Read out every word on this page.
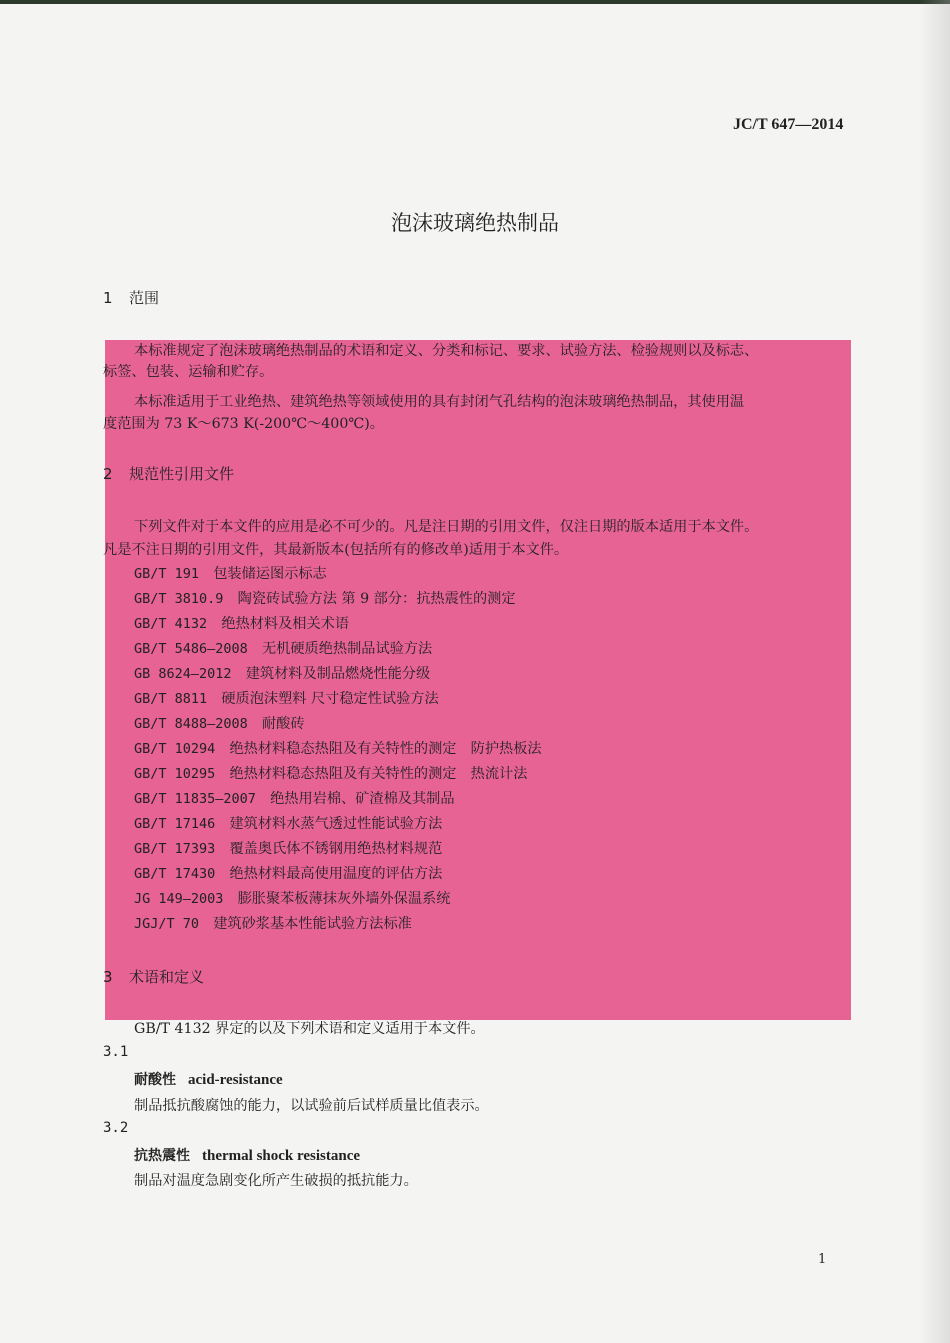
JC/T 647—2014
泡沫玻璃绝热制品
1 范围
本标准规定了泡沫玻璃绝热制品的术语和定义、分类和标记、要求、试验方法、检验规则以及标志、
标签、包装、运输和贮存。
本标准适用于工业绝热、建筑绝热等领域使用的具有封闭气孔结构的泡沫玻璃绝热制品，其使用温
度范围为 73 K～673 K(-200℃～400℃)。
2 规范性引用文件
下列文件对于本文件的应用是必不可少的。凡是注日期的引用文件，仅注日期的版本适用于本文件。
凡是不注日期的引用文件，其最新版本(包括所有的修改单)适用于本文件。
GB/T 191  包装储运图示标志
GB/T 3810.9  陶瓷砖试验方法 第 9 部分：抗热震性的测定
GB/T 4132  绝热材料及相关术语
GB/T 5486—2008  无机硬质绝热制品试验方法
GB 8624—2012  建筑材料及制品燃烧性能分级
GB/T 8811  硬质泡沫塑料 尺寸稳定性试验方法
GB/T 8488—2008  耐酸砖
GB/T 10294  绝热材料稳态热阻及有关特性的测定　防护热板法
GB/T 10295  绝热材料稳态热阻及有关特性的测定　热流计法
GB/T 11835—2007  绝热用岩棉、矿渣棉及其制品
GB/T 17146  建筑材料水蒸气透过性能试验方法
GB/T 17393  覆盖奥氏体不锈钢用绝热材料规范
GB/T 17430  绝热材料最高使用温度的评估方法
JG 149—2003  膨胀聚苯板薄抹灰外墙外保温系统
JGJ/T 70  建筑砂浆基本性能试验方法标准
3 术语和定义
GB/T 4132 界定的以及下列术语和定义适用于本文件。
3.1
耐酸性 acid-resistance
制品抵抗酸腐蚀的能力，以试验前后试样质量比值表示。
3.2
抗热震性 thermal shock resistance
制品对温度急剧变化所产生破损的抵抗能力。
1
